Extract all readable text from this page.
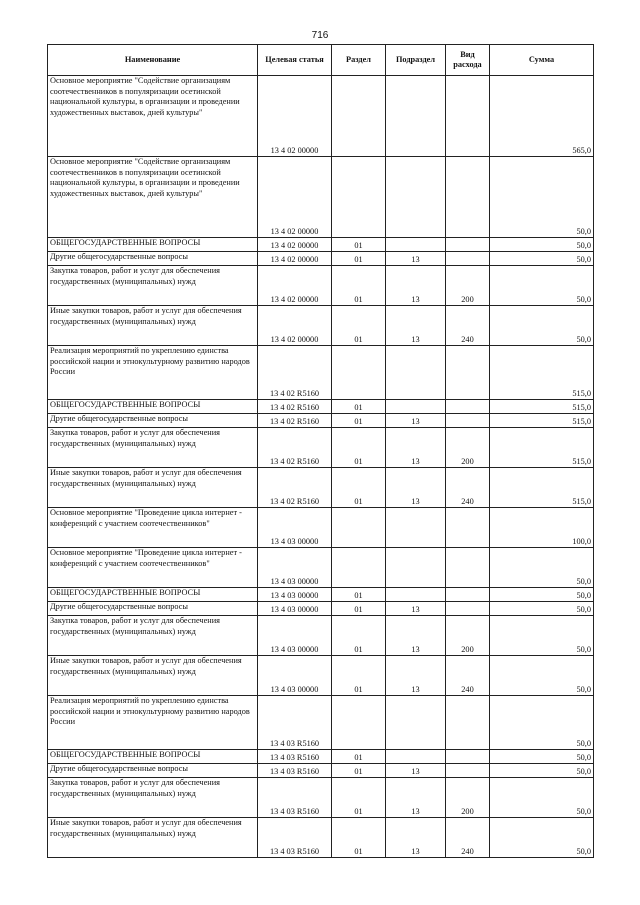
716
Наименование	Целевая статья	Раздел	Подраздел	Вид расхода	Сумма
Основное мероприятие "Содействие организациям соотечественников в популяризации осетинской национальной культуры, в организации и проведении художественных выставок, дней культуры"	13 4 02 00000				565,0
Основное мероприятие "Содействие организациям соотечественников в популяризации осетинской национальной культуры, в организации и проведении художественных выставок, дней культуры"	13 4 02 00000				50,0
ОБЩЕГОСУДАРСТВЕННЫЕ ВОПРОСЫ	13 4 02 00000	01			50,0
Другие общегосударственные вопросы	13 4 02 00000	01	13		50,0
Закупка товаров, работ и услуг для обеспечения государственных (муниципальных) нужд	13 4 02 00000	01	13	200	50,0
Иные закупки товаров, работ и услуг для обеспечения государственных (муниципальных) нужд	13 4 02 00000	01	13	240	50,0
Реализация мероприятий по укреплению единства российской нации и этнокультурному развитию народов России	13 4 02 R5160				515,0
ОБЩЕГОСУДАРСТВЕННЫЕ ВОПРОСЫ	13 4 02 R5160	01			515,0
Другие общегосударственные вопросы	13 4 02 R5160	01	13		515,0
Закупка товаров, работ и услуг для обеспечения государственных (муниципальных) нужд	13 4 02 R5160	01	13	200	515,0
Иные закупки товаров, работ и услуг для обеспечения государственных (муниципальных) нужд	13 4 02 R5160	01	13	240	515,0
Основное мероприятие "Проведение цикла интернет - конференций с участием соотечественников"	13 4 03 00000				100,0
Основное мероприятие "Проведение цикла интернет - конференций с участием соотечественников"	13 4 03 00000				50,0
ОБЩЕГОСУДАРСТВЕННЫЕ ВОПРОСЫ	13 4 03 00000	01			50,0
Другие общегосударственные вопросы	13 4 03 00000	01	13		50,0
Закупка товаров, работ и услуг для обеспечения государственных (муниципальных) нужд	13 4 03 00000	01	13	200	50,0
Иные закупки товаров, работ и услуг для обеспечения государственных (муниципальных) нужд	13 4 03 00000	01	13	240	50,0
Реализация мероприятий по укреплению единства российской нации и этнокультурному развитию народов России	13 4 03 R5160				50,0
ОБЩЕГОСУДАРСТВЕННЫЕ ВОПРОСЫ	13 4 03 R5160	01			50,0
Другие общегосударственные вопросы	13 4 03 R5160	01	13		50,0
Закупка товаров, работ и услуг для обеспечения государственных (муниципальных) нужд	13 4 03 R5160	01	13	200	50,0
Иные закупки товаров, работ и услуг для обеспечения государственных (муниципальных) нужд	13 4 03 R5160	01	13	240	50,0
